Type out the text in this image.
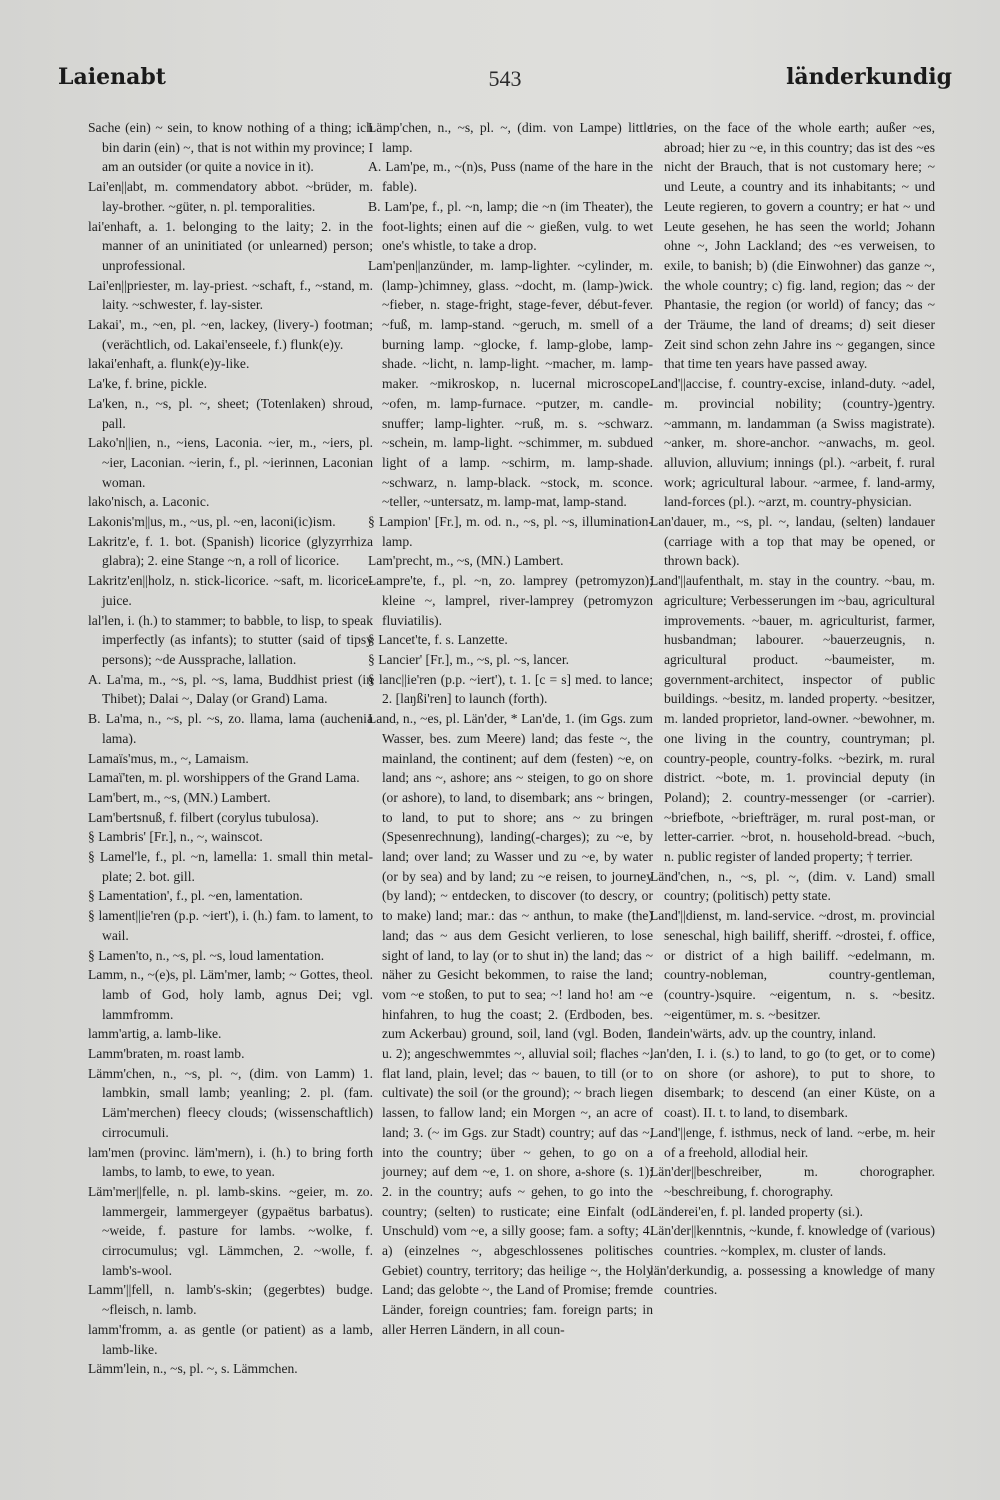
Laienabt	543	länderkundig

Sache (ein) ~ sein, to know nothing of a thing; ich bin darin (ein) ~, that is not within my province; I am an outsider (or quite a novice in it).

Lai'en||abt, m. commendatory abbot. ~brüder, m. lay-brother. ~güter, n. pl. temporalities.

lai'enhaft, a. 1. belonging to the laity; 2. in the manner of an uninitiated (or unlearned) person; unprofessional.

Lai'en||priester, m. lay-priest. ~schaft, f., ~stand, m. laity. ~schwester, f. lay-sister.

Lakai', m., ~en, pl. ~en, lackey, (livery-) footman; (verächtlich, od. Lakai'enseele, f.) flunk(e)y.

lakai'enhaft, a. flunk(e)y-like.

La'ke, f. brine, pickle.

La'ken, n., ~s, pl. ~, sheet; (Totenlaken) shroud, pall.

Lako'n||ien, n., ~iens, Laconia. ~ier, m., ~iers, pl. ~ier, Laconian. ~ierin, f., pl. ~ierinnen, Laconian woman.

lako'nisch, a. Laconic.

Lakonis'm||us, m., ~us, pl. ~en, laconi(ic)ism.

Lakritz'e, f. 1. bot. (Spanish) licorice (glyzyrrhiza glabra); 2. eine Stange ~n, a roll of licorice.

Lakritz'en||holz, n. stick-licorice. ~saft, m. licorice-juice.

lal'len, i. (h.) to stammer; to babble, to lisp, to speak imperfectly (as infants); to stutter (said of tipsy persons); ~de Aussprache, lallation.

A. La'ma, m., ~s, pl. ~s, lama, Buddhist priest (in Thibet); Dalai ~, Dalay (or Grand) Lama.

B. La'ma, n., ~s, pl. ~s, zo. llama, lama (auchenia lama).

Lamaïs'mus, m., ~, Lamaism.

Lamaï'ten, m. pl. worshippers of the Grand Lama.

Lam'bert, m., ~s, (MN.) Lambert.

Lam'bertsnuß, f. filbert (corylus tubulosa).

§ Lambris' [Fr.], n., ~, wainscot.

§ Lamel'le, f., pl. ~n, lamella: 1. small thin metal-plate; 2. bot. gill.

§ Lamentation', f., pl. ~en, lamentation.

§ lament||ie'ren (p.p. ~iert'), i. (h.) fam. to lament, to wail.

§ Lamen'to, n., ~s, pl. ~s, loud lamentation.

Lamm, n., ~(e)s, pl. Läm'mer, lamb; ~ Gottes, theol. lamb of God, holy lamb, agnus Dei; vgl. lammfromm.

lamm'artig, a. lamb-like.

Lamm'braten, m. roast lamb.

Lämm'chen, n., ~s, pl. ~, (dim. von Lamm) 1. lambkin, small lamb; yeanling; 2. pl. (fam. Läm'merchen) fleecy clouds; (wissenschaftlich) cirrocumuli.

lam'men (provinc. läm'mern), i. (h.) to bring forth lambs, to lamb, to ewe, to yean.

Läm'mer||felle, n. pl. lamb-skins. ~geier, m. zo. lammergeir, lammergeyer (gypaëtus barbatus). ~weide, f. pasture for lambs. ~wolke, f. cirrocumulus; vgl. Lämmchen, 2. ~wolle, f. lamb's-wool.

Lamm'||fell, n. lamb's-skin; (gegerbtes) budge. ~fleisch, n. lamb.

lamm'fromm, a. as gentle (or patient) as a lamb, lamb-like.

Lämm'lein, n., ~s, pl. ~, s. Lämmchen.

Lämp'chen, n., ~s, pl. ~, (dim. von Lampe) little lamp.

A. Lam'pe, m., ~(n)s, Puss (name of the hare in the fable).

B. Lam'pe, f., pl. ~n, lamp; die ~n (im Theater), the foot-lights; einen auf die ~ gießen, vulg. to wet one's whistle, to take a drop.

Lam'pen||anzünder, m. lamp-lighter. ~cylinder, m. (lamp-)chimney, glass. ~docht, m. (lamp-)wick. ~fieber, n. stage-fright, stage-fever, début-fever. ~fuß, m. lamp-stand. ~geruch, m. smell of a burning lamp. ~glocke, f. lamp-globe, lamp-shade. ~licht, n. lamp-light. ~macher, m. lamp-maker. ~mikroskop, n. lucernal microscope. ~ofen, m. lamp-furnace. ~putzer, m. candle-snuffer; lamp-lighter. ~ruß, m. s. ~schwarz. ~schein, m. lamp-light. ~schimmer, m. subdued light of a lamp. ~schirm, m. lamp-shade. ~schwarz, n. lamp-black. ~stock, m. sconce. ~teller, ~untersatz, m. lamp-mat, lamp-stand.

§ Lampion' [Fr.], m. od. n., ~s, pl. ~s, illumination-lamp.

Lam'precht, m., ~s, (MN.) Lambert.

Lampre'te, f., pl. ~n, zo. lamprey (petromyzon); kleine ~, lamprel, river-lamprey (petromyzon fluviatilis).

§ Lancet'te, f. s. Lanzette.

§ Lancier' [Fr.], m., ~s, pl. ~s, lancer.

§ lanc||ie'ren (p.p. ~iert'), t. 1. [c = s] med. to lance; 2. [laŋßi'ren] to launch (forth).

Land, n., ~es, pl. Län'der, * Lan'de, 1. (im Ggs. zum Wasser, bes. zum Meere) land; das feste ~, the mainland, the continent; auf dem (festen) ~e, on land; ans ~, ashore; ans ~ steigen, to go on shore (or ashore), to land, to disembark; ans ~ bringen, to land, to put to shore; ans ~ zu bringen (Spesenrechnung), landing(-charges); zu ~e, by land; over land; zu Wasser und zu ~e, by water (or by sea) and by land; zu ~e reisen, to journey (by land); ~ entdecken, to discover (to descry, or to make) land; mar.: das ~ anthun, to make (the) land; das ~ aus dem Gesicht verlieren, to lose sight of land, to lay (or to shut in) the land; das ~ näher zu Gesicht bekommen, to raise the land; vom ~e stoßen, to put to sea; ~! land ho! am ~e hinfahren, to hug the coast; 2. (Erdboden, bes. zum Ackerbau) ground, soil, land (vgl. Boden, 1 u. 2); angeschwemmtes ~, alluvial soil; flaches ~, flat land, plain, level; das ~ bauen, to till (or to cultivate) the soil (or the ground); ~ brach liegen lassen, to fallow land; ein Morgen ~, an acre of land; 3. (~ im Ggs. zur Stadt) country; auf das ~, into the country; über ~ gehen, to go on a journey; auf dem ~e, 1. on shore, a-shore (s. 1); 2. in the country; aufs ~ gehen, to go into the country; (selten) to rusticate; eine Einfalt (od. Unschuld) vom ~e, a silly goose; fam. a softy; 4. a) (einzelnes ~, abgeschlossenes politisches Gebiet) country, territory; das heilige ~, the Holy Land; das gelobte ~, the Land of Promise; fremde Länder, foreign countries; fam. foreign parts; in aller Herren Ländern, in all coun-

tries, on the face of the whole earth; außer ~es, abroad; hier zu ~e, in this country; das ist des ~es nicht der Brauch, that is not customary here; ~ und Leute, a country and its inhabitants; ~ und Leute regieren, to govern a country; er hat ~ und Leute gesehen, he has seen the world; Johann ohne ~, John Lackland; des ~es verweisen, to exile, to banish; b) (die Einwohner) das ganze ~, the whole country; c) fig. land, region; das ~ der Phantasie, the region (or world) of fancy; das ~ der Träume, the land of dreams; d) seit dieser Zeit sind schon zehn Jahre ins ~ gegangen, since that time ten years have passed away.

Land'||accise, f. country-excise, inland-duty. ~adel, m. provincial nobility; (country-)gentry. ~ammann, m. landamman (a Swiss magistrate). ~anker, m. shore-anchor. ~anwachs, m. geol. alluvion, alluvium; innings (pl.). ~arbeit, f. rural work; agricultural labour. ~armee, f. land-army, land-forces (pl.). ~arzt, m. country-physician.

Lan'dauer, m., ~s, pl. ~, landau, (selten) landauer (carriage with a top that may be opened, or thrown back).

Land'||aufenthalt, m. stay in the country. ~bau, m. agriculture; Verbesserungen im ~bau, agricultural improvements. ~bauer, m. agriculturist, farmer, husbandman; labourer. ~bauerzeugnis, n. agricultural product. ~baumeister, m. government-architect, inspector of public buildings. ~besitz, m. landed property. ~besitzer, m. landed proprietor, land-owner. ~bewohner, m. one living in the country, countryman; pl. country-people, country-folks. ~bezirk, m. rural district. ~bote, m. 1. provincial deputy (in Poland); 2. country-messenger (or -carrier). ~briefbote, ~briefträger, m. rural post-man, or letter-carrier. ~brot, n. household-bread. ~buch, n. public register of landed property; † terrier.

Länd'chen, n., ~s, pl. ~, (dim. v. Land) small country; (politisch) petty state.

Land'||dienst, m. land-service. ~drost, m. provincial seneschal, high bailiff, sheriff. ~drostei, f. office, or district of a high bailiff. ~edelmann, m. country-nobleman, country-gentleman, (country-)squire. ~eigentum, n. s. ~besitz. ~eigentümer, m. s. ~besitzer.

landein'wärts, adv. up the country, inland.

lan'den, I. i. (s.) to land, to go (to get, or to come) on shore (or ashore), to put to shore, to disembark; to descend (an einer Küste, on a coast). II. t. to land, to disembark.

Land'||enge, f. isthmus, neck of land. ~erbe, m. heir of a freehold, allodial heir.

Län'der||beschreiber, m. chorographer. ~beschreibung, f. chorography.

Länderei'en, f. pl. landed property (si.).

Län'der||kenntnis, ~kunde, f. knowledge of (various) countries. ~komplex, m. cluster of lands.

län'derkundig, a. possessing a knowledge of many countries.
